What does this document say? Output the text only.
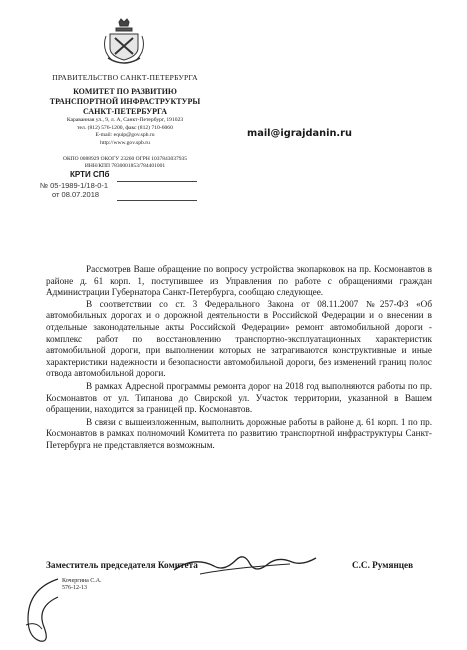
ПРАВИТЕЛЬСТВО САНКТ-ПЕТЕРБУРГА
КОМИТЕТ ПО РАЗВИТИЮ
ТРАНСПОРТНОЙ ИНФРАСТРУКТУРЫ
САНКТ-ПЕТЕРБУРГА
Караванная ул., 9, л. А, Санкт-Петербург, 191023
тел. (812) 576-1200, факс (812) 710-6060
E-mail: equip@gov.spb.ru
http://www.gov.spb.ru
ОКПО 0088929 ОКОГУ 23260 ОГРН 1037843037935
ИНН/КПП 7830001853/784401001
КРТИ СПб
№ 05-1989-1/18-0-1
от 08.07.2018
mail@igrajdanin.ru

Рассмотрев Ваше обращение по вопросу устройства экопарковок на пр. Космонавтов в районе д. 61 корп. 1, поступившее из Управления по работе с обращениями граждан Администрации Губернатора Санкт-Петербурга, сообщаю следующее.

В соответствии со ст. 3 Федерального Закона от 08.11.2007 №257-ФЗ «Об автомобильных дорогах и о дорожной деятельности в Российской Федерации и о внесении в отдельные законодательные акты Российской Федерации» ремонт автомобильной дороги - комплекс работ по восстановлению транспортно-эксплуатационных характеристик автомобильной дороги, при выполнении которых не затрагиваются конструктивные и иные характеристики надежности и безопасности автомобильной дороги, без изменений границ полос отвода автомобильной дороги.

В рамках Адресной программы ремонта дорог на 2018 год выполняются работы по пр. Космонавтов от ул. Типанова до Свирской ул. Участок территории, указанной в Вашем обращении, находится за границей пр. Космонавтов.

В связи с вышеизложенным, выполнить дорожные работы в районе д. 61 корп. 1 по пр. Космонавтов в рамках полномочий Комитета по развитию транспортной инфраструктуры Санкт-Петербурга не представляется возможным.

Заместитель председателя Комитета	С.С. Румянцев
Кочергина С.А.
576-12-13
